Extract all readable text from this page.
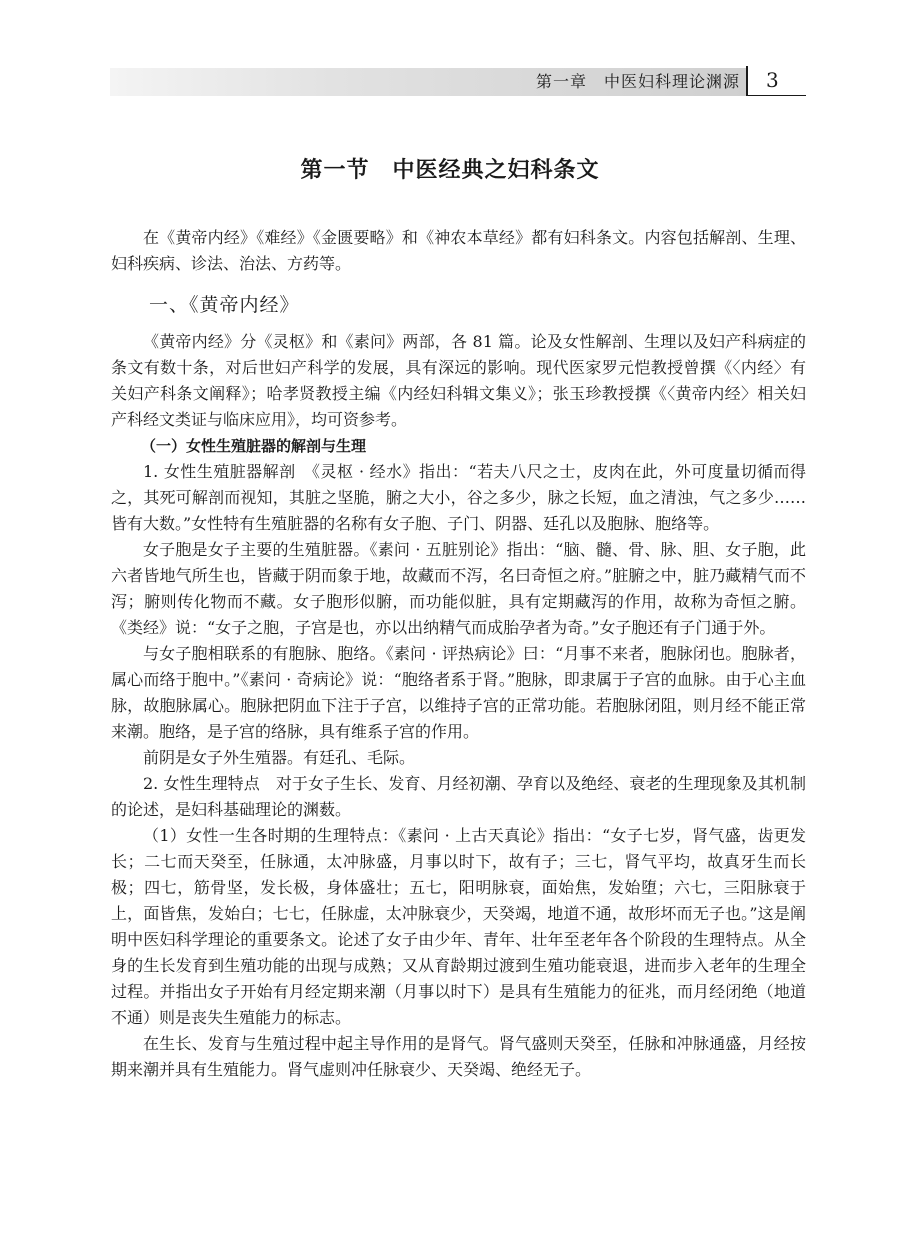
第一章　中医妇科理论渊源 3
第一节　中医经典之妇科条文

在《黄帝内经》《难经》《金匮要略》和《神农本草经》都有妇科条文。内容包括解剖、生理、妇科疾病、诊法、治法、方药等。

一、《黄帝内经》

《黄帝内经》分《灵枢》和《素问》两部，各 81 篇。论及女性解剖、生理以及妇产科病症的条文有数十条，对后世妇产科学的发展，具有深远的影响。现代医家罗元恺教授曾撰《〈内经〉有关妇产科条文阐释》；哈孝贤教授主编《内经妇科辑文集义》；张玉珍教授撰《〈黄帝内经〉相关妇产科经文类证与临床应用》，均可资参考。

（一）女性生殖脏器的解剖与生理

1. 女性生殖脏器解剖　《灵枢 · 经水》指出：“若夫八尺之士，皮肉在此，外可度量切循而得之，其死可解剖而视知，其脏之坚脆，腑之大小，谷之多少，脉之长短，血之清浊，气之多少……皆有大数。”女性特有生殖脏器的名称有女子胞、子门、阴器、廷孔以及胞脉、胞络等。

女子胞是女子主要的生殖脏器。《素问 · 五脏别论》指出：“脑、髓、骨、脉、胆、女子胞，此六者皆地气所生也，皆藏于阴而象于地，故藏而不泻，名曰奇恒之府。”脏腑之中，脏乃藏精气而不泻；腑则传化物而不藏。女子胞形似腑，而功能似脏，具有定期藏泻的作用，故称为奇恒之腑。《类经》说：“女子之胞，子宫是也，亦以出纳精气而成胎孕者为奇。”女子胞还有子门通于外。

与女子胞相联系的有胞脉、胞络。《素问 · 评热病论》曰：“月事不来者，胞脉闭也。胞脉者，属心而络于胞中。”《素问 · 奇病论》说：“胞络者系于肾。”胞脉，即隶属于子宫的血脉。由于心主血脉，故胞脉属心。胞脉把阴血下注于子宫，以维持子宫的正常功能。若胞脉闭阻，则月经不能正常来潮。胞络，是子宫的络脉，具有维系子宫的作用。

前阴是女子外生殖器。有廷孔、毛际。

2. 女性生理特点　对于女子生长、发育、月经初潮、孕育以及绝经、衰老的生理现象及其机制的论述，是妇科基础理论的渊薮。

（1）女性一生各时期的生理特点：《素问 · 上古天真论》指出：“女子七岁，肾气盛，齿更发长；二七而天癸至，任脉通，太冲脉盛，月事以时下，故有子；三七，肾气平均，故真牙生而长极；四七，筋骨坚，发长极，身体盛壮；五七，阳明脉衰，面始焦，发始堕；六七，三阳脉衰于上，面皆焦，发始白；七七，任脉虚，太冲脉衰少，天癸竭，地道不通，故形坏而无子也。”这是阐明中医妇科学理论的重要条文。论述了女子由少年、青年、壮年至老年各个阶段的生理特点。从全身的生长发育到生殖功能的出现与成熟；又从育龄期过渡到生殖功能衰退，进而步入老年的生理全过程。并指出女子开始有月经定期来潮（月事以时下）是具有生殖能力的征兆，而月经闭绝（地道不通）则是丧失生殖能力的标志。

在生长、发育与生殖过程中起主导作用的是肾气。肾气盛则天癸至，任脉和冲脉通盛，月经按期来潮并具有生殖能力。肾气虚则冲任脉衰少、天癸竭、绝经无子。
